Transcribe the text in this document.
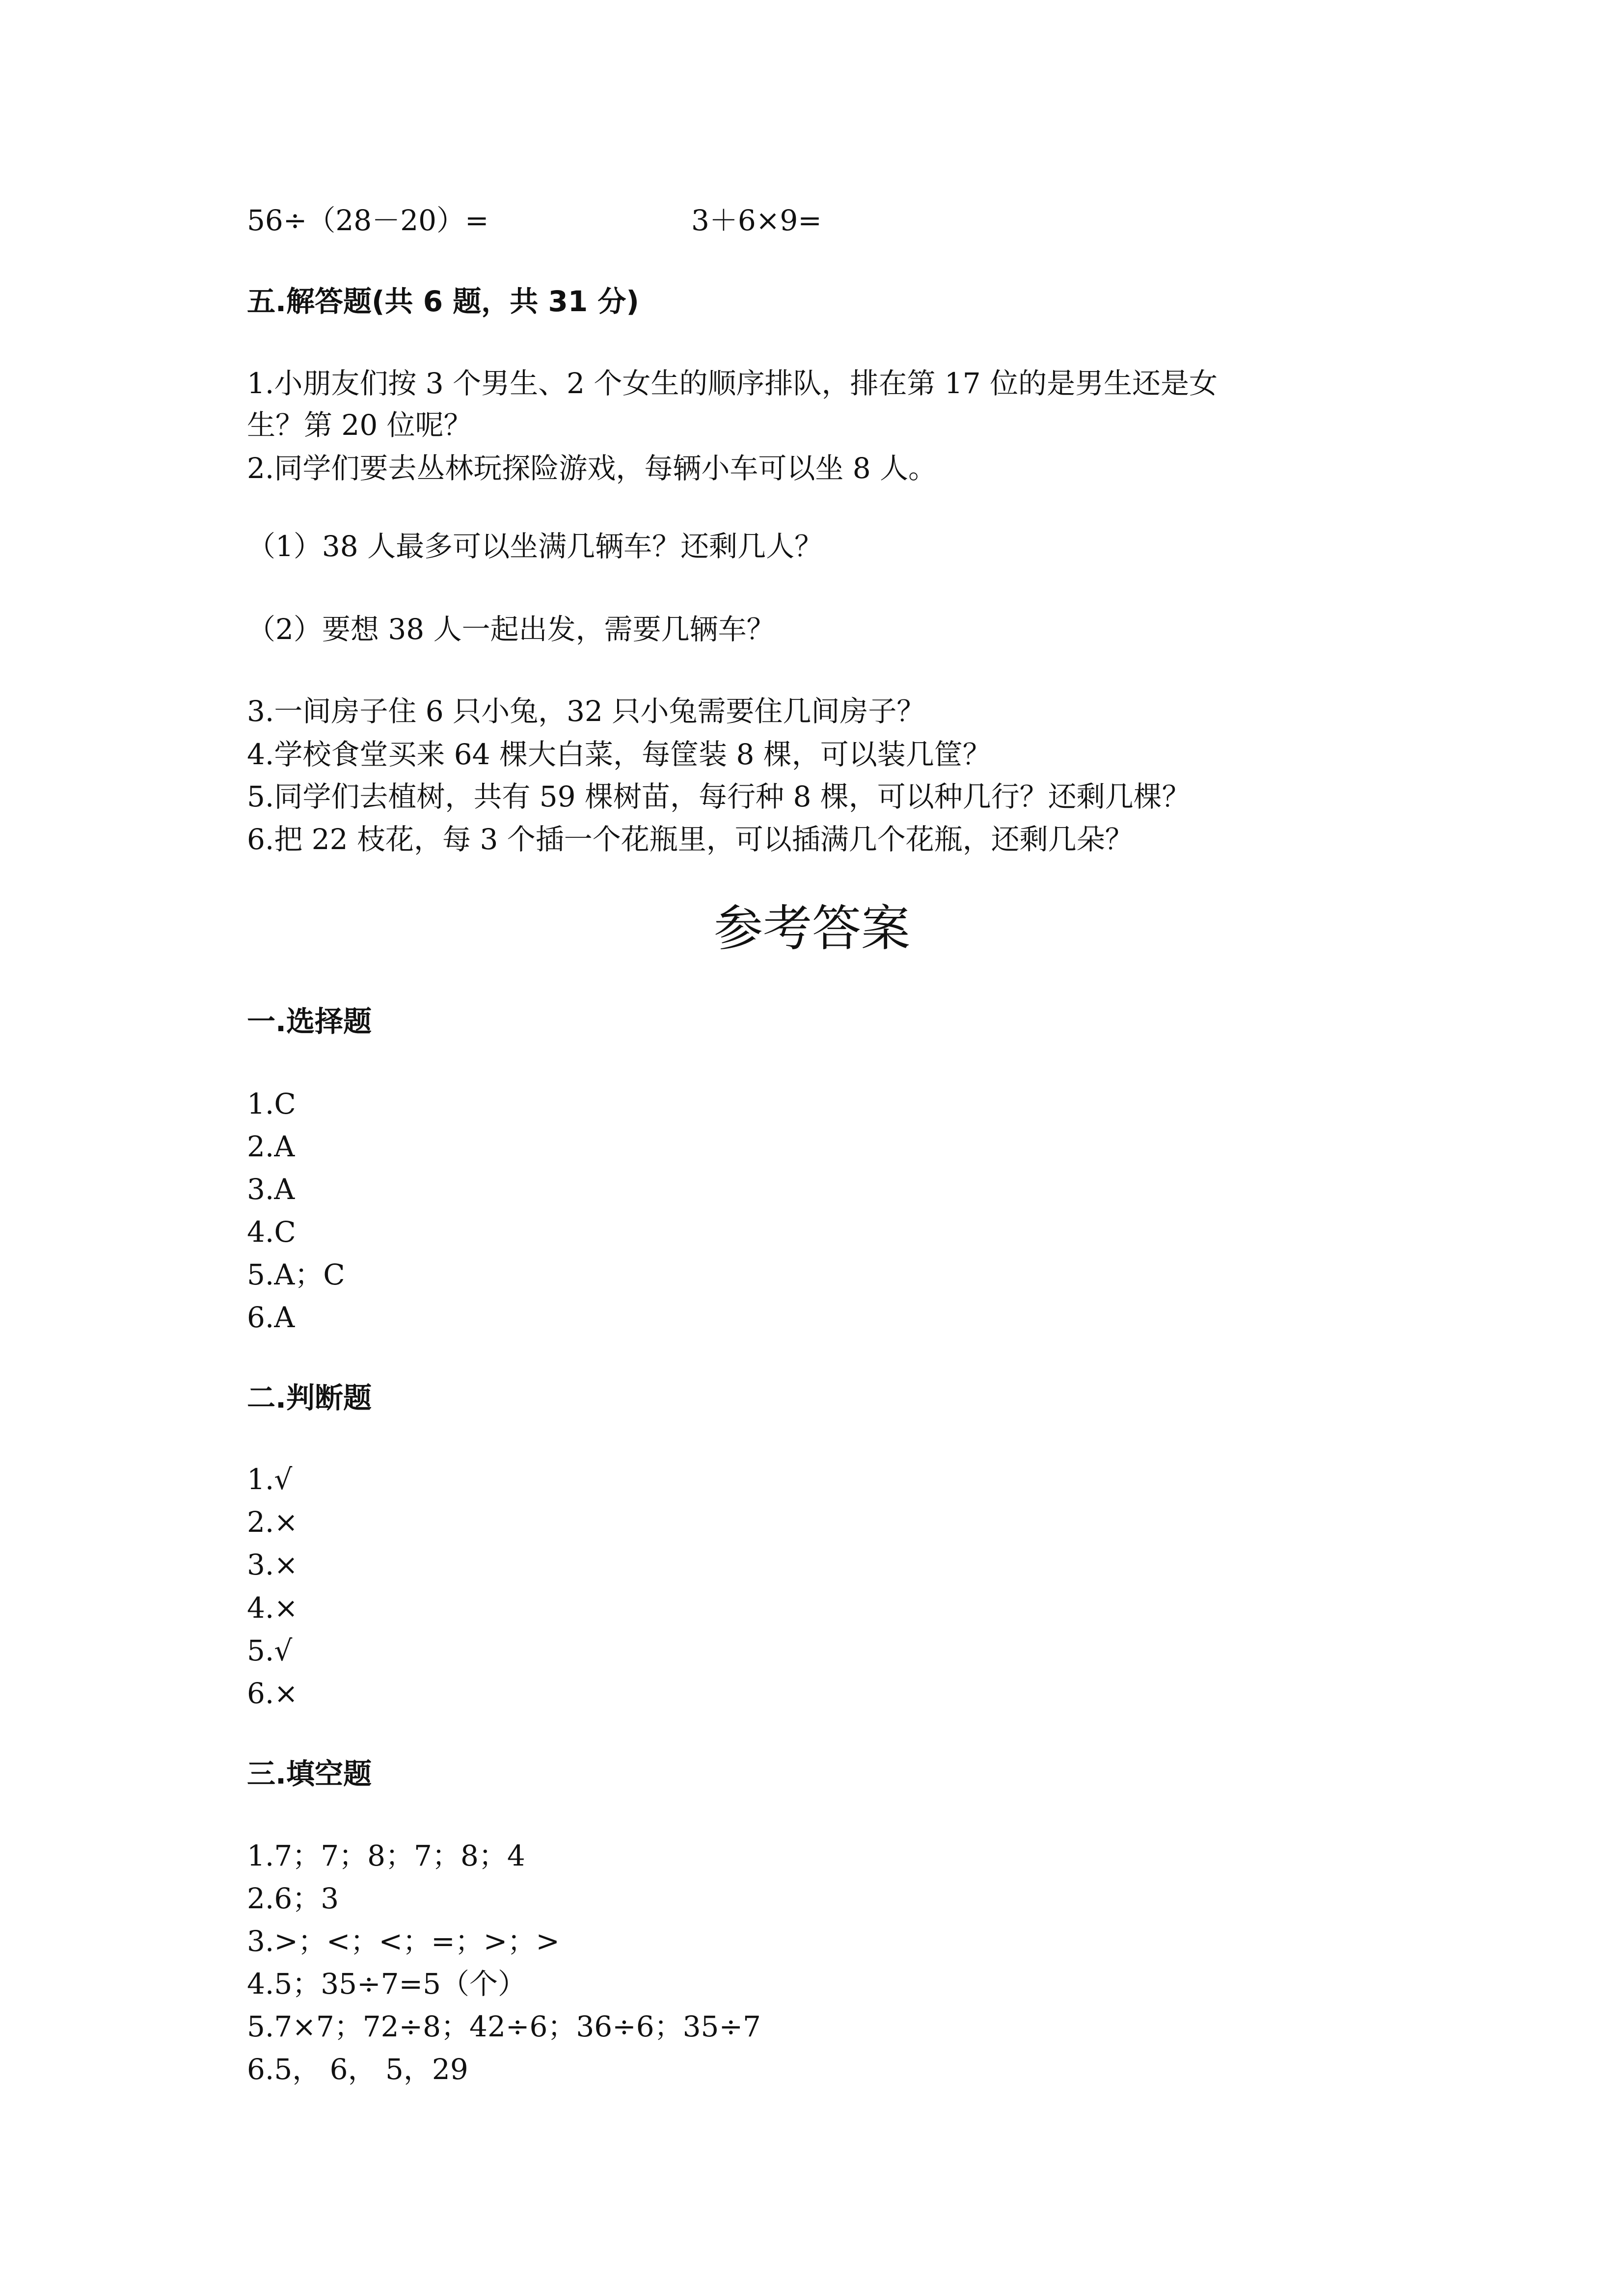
56÷（28－20）=	3＋6×9=
五.解答题(共 6 题，共 31 分)
1.小朋友们按 3 个男生、2 个女生的顺序排队，排在第 17 位的是男生还是女
生？第 20 位呢？
2.同学们要去丛林玩探险游戏，每辆小车可以坐 8 人。
（1）38 人最多可以坐满几辆车？还剩几人？
（2）要想 38 人一起出发，需要几辆车？
3.一间房子住 6 只小兔，32 只小兔需要住几间房子？
4.学校食堂买来 64 棵大白菜，每筐装 8 棵，可以装几筐？
5.同学们去植树，共有 59 棵树苗，每行种 8 棵，可以种几行？还剩几棵？
6.把 22 枝花，每 3 个插一个花瓶里，可以插满几个花瓶，还剩几朵？
参考答案
一.选择题
1.C
2.A
3.A
4.C
5.A；C
6.A
二.判断题
1.√
2.×
3.×
4.×
5.√
6.×
三.填空题
1.7；7；8；7；8；4
2.6；3
3.>；<；<；=；>；>
4.5；35÷7=5（个）
5.7×7；72÷8；42÷6；36÷6；35÷7
6.5， 6， 5，29
